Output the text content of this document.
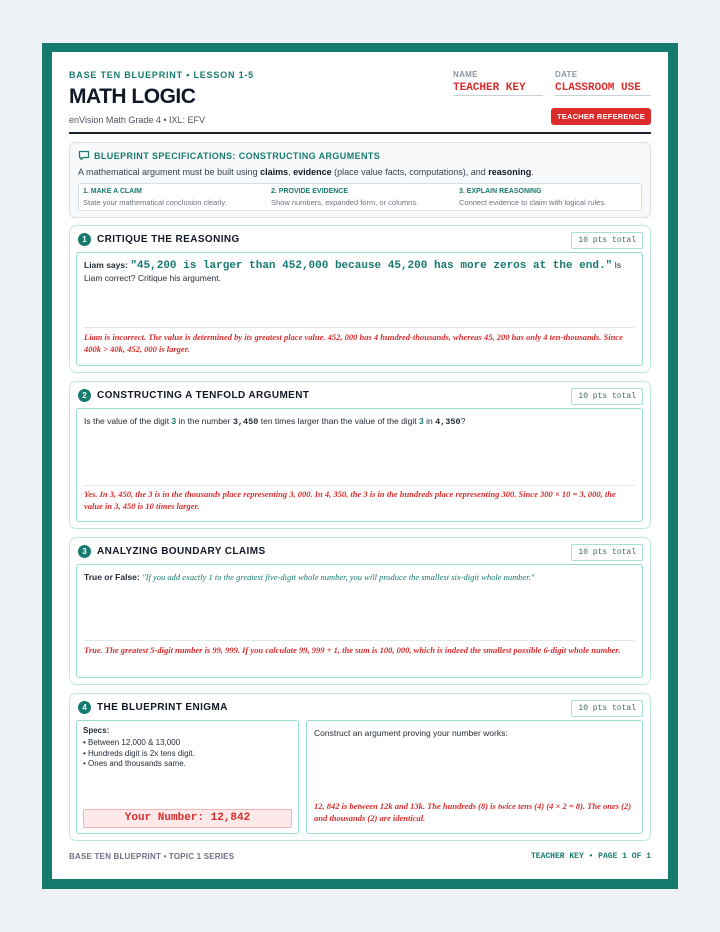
BASE TEN BLUEPRINT • LESSON 1-5
MATH LOGIC
enVision Math Grade 4 • IXL: EFV
NAME
TEACHER KEY
DATE
CLASSROOM USE
TEACHER REFERENCE
BLUEPRINT SPECIFICATIONS: CONSTRUCTING ARGUMENTS
A mathematical argument must be built using claims, evidence (place value facts, computations), and reasoning.
1. MAKE A CLAIM
State your mathematical conclusion clearly.
2. PROVIDE EVIDENCE
Show numbers, expanded form, or columns.
3. EXPLAIN REASONING
Connect evidence to claim with logical rules.
1	CRITIQUE THE REASONING	10 pts total
Liam says: "45,200 is larger than 452,000 because 45,200 has more zeros at the end." Is Liam correct? Critique his argument.
Liam is incorrect. The value is determined by its greatest place value. 452, 000 has 4 hundred-thousands, whereas 45, 200 has only 4 ten-thousands. Since 400k > 40k, 452, 000 is larger.
2	CONSTRUCTING A TENFOLD ARGUMENT	10 pts total
Is the value of the digit 3 in the number 3,450 ten times larger than the value of the digit 3 in 4,350?
Yes. In 3, 450, the 3 is in the thousands place representing 3, 000. In 4, 350, the 3 is in the hundreds place representing 300. Since 300 × 10 = 3, 000, the value in 3, 450 is 10 times larger.
3	ANALYZING BOUNDARY CLAIMS	10 pts total
True or False: "If you add exactly 1 to the greatest five-digit whole number, you will produce the smallest six-digit whole number."
True. The greatest 5-digit number is 99, 999. If you calculate 99, 999 + 1, the sum is 100, 000, which is indeed the smallest possible 6-digit whole number.
4	THE BLUEPRINT ENIGMA	10 pts total
Specs:
• Between 12,000 & 13,000
• Hundreds digit is 2x tens digit.
• Ones and thousands same.
Your Number: 12,842
Construct an argument proving your number works:
12, 842 is between 12k and 13k. The hundreds (8) is twice tens (4) (4 × 2 = 8). The ones (2) and thousands (2) are identical.
BASE TEN BLUEPRINT • TOPIC 1 SERIES	TEACHER KEY • PAGE 1 OF 1
